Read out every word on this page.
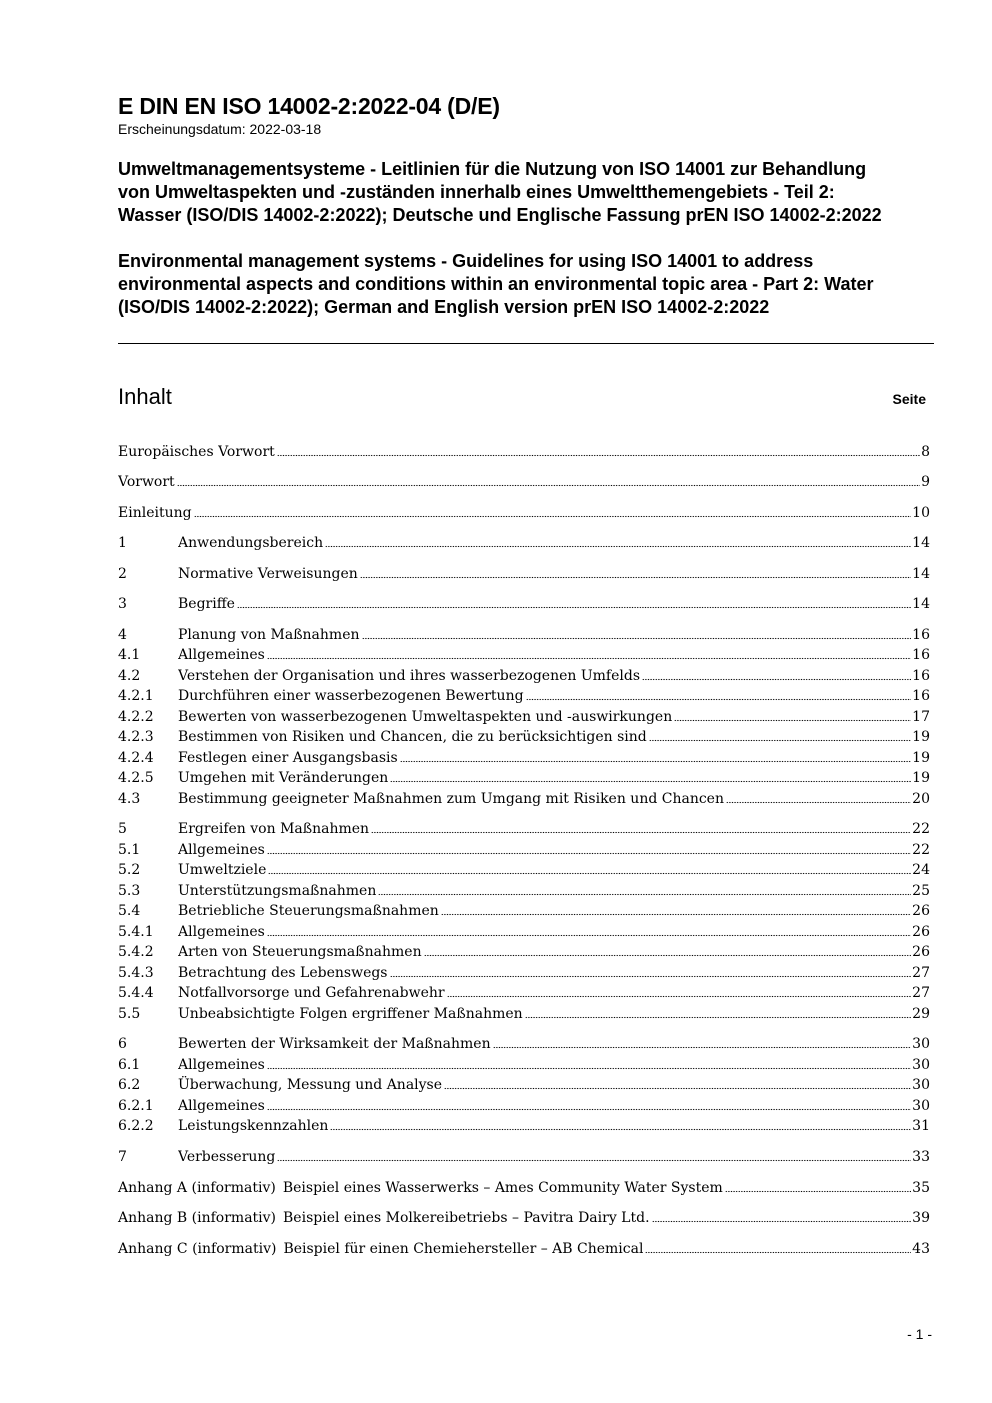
E DIN EN ISO 14002-2:2022-04 (D/E)
Erscheinungsdatum: 2022-03-18
Umweltmanagementsysteme - Leitlinien für die Nutzung von ISO 14001 zur Behandlung von Umweltaspekten und -zuständen innerhalb eines Umweltthemengebiets - Teil 2: Wasser (ISO/DIS 14002-2:2022); Deutsche und Englische Fassung prEN ISO 14002-2:2022
Environmental management systems - Guidelines for using ISO 14001 to address environmental aspects and conditions within an environmental topic area - Part 2: Water (ISO/DIS 14002-2:2022); German and English version prEN ISO 14002-2:2022
Inhalt	Seite
Europäisches Vorwort	8
Vorwort	9
Einleitung	10
1	Anwendungsbereich	14
2	Normative Verweisungen	14
3	Begriffe	14
4	Planung von Maßnahmen	16
4.1	Allgemeines	16
4.2	Verstehen der Organisation und ihres wasserbezogenen Umfelds	16
4.2.1	Durchführen einer wasserbezogenen Bewertung	16
4.2.2	Bewerten von wasserbezogenen Umweltaspekten und -auswirkungen	17
4.2.3	Bestimmen von Risiken und Chancen, die zu berücksichtigen sind	19
4.2.4	Festlegen einer Ausgangsbasis	19
4.2.5	Umgehen mit Veränderungen	19
4.3	Bestimmung geeigneter Maßnahmen zum Umgang mit Risiken und Chancen	20
5	Ergreifen von Maßnahmen	22
5.1	Allgemeines	22
5.2	Umweltziele	24
5.3	Unterstützungsmaßnahmen	25
5.4	Betriebliche Steuerungsmaßnahmen	26
5.4.1	Allgemeines	26
5.4.2	Arten von Steuerungsmaßnahmen	26
5.4.3	Betrachtung des Lebenswegs	27
5.4.4	Notfallvorsorge und Gefahrenabwehr	27
5.5	Unbeabsichtigte Folgen ergriffener Maßnahmen	29
6	Bewerten der Wirksamkeit der Maßnahmen	30
6.1	Allgemeines	30
6.2	Überwachung, Messung und Analyse	30
6.2.1	Allgemeines	30
6.2.2	Leistungskennzahlen	31
7	Verbesserung	33
Anhang A (informativ) Beispiel eines Wasserwerks – Ames Community Water System	35
Anhang B (informativ) Beispiel eines Molkereibetriebs – Pavitra Dairy Ltd.	39
Anhang C (informativ) Beispiel für einen Chemiehersteller – AB Chemical	43
- 1 -
